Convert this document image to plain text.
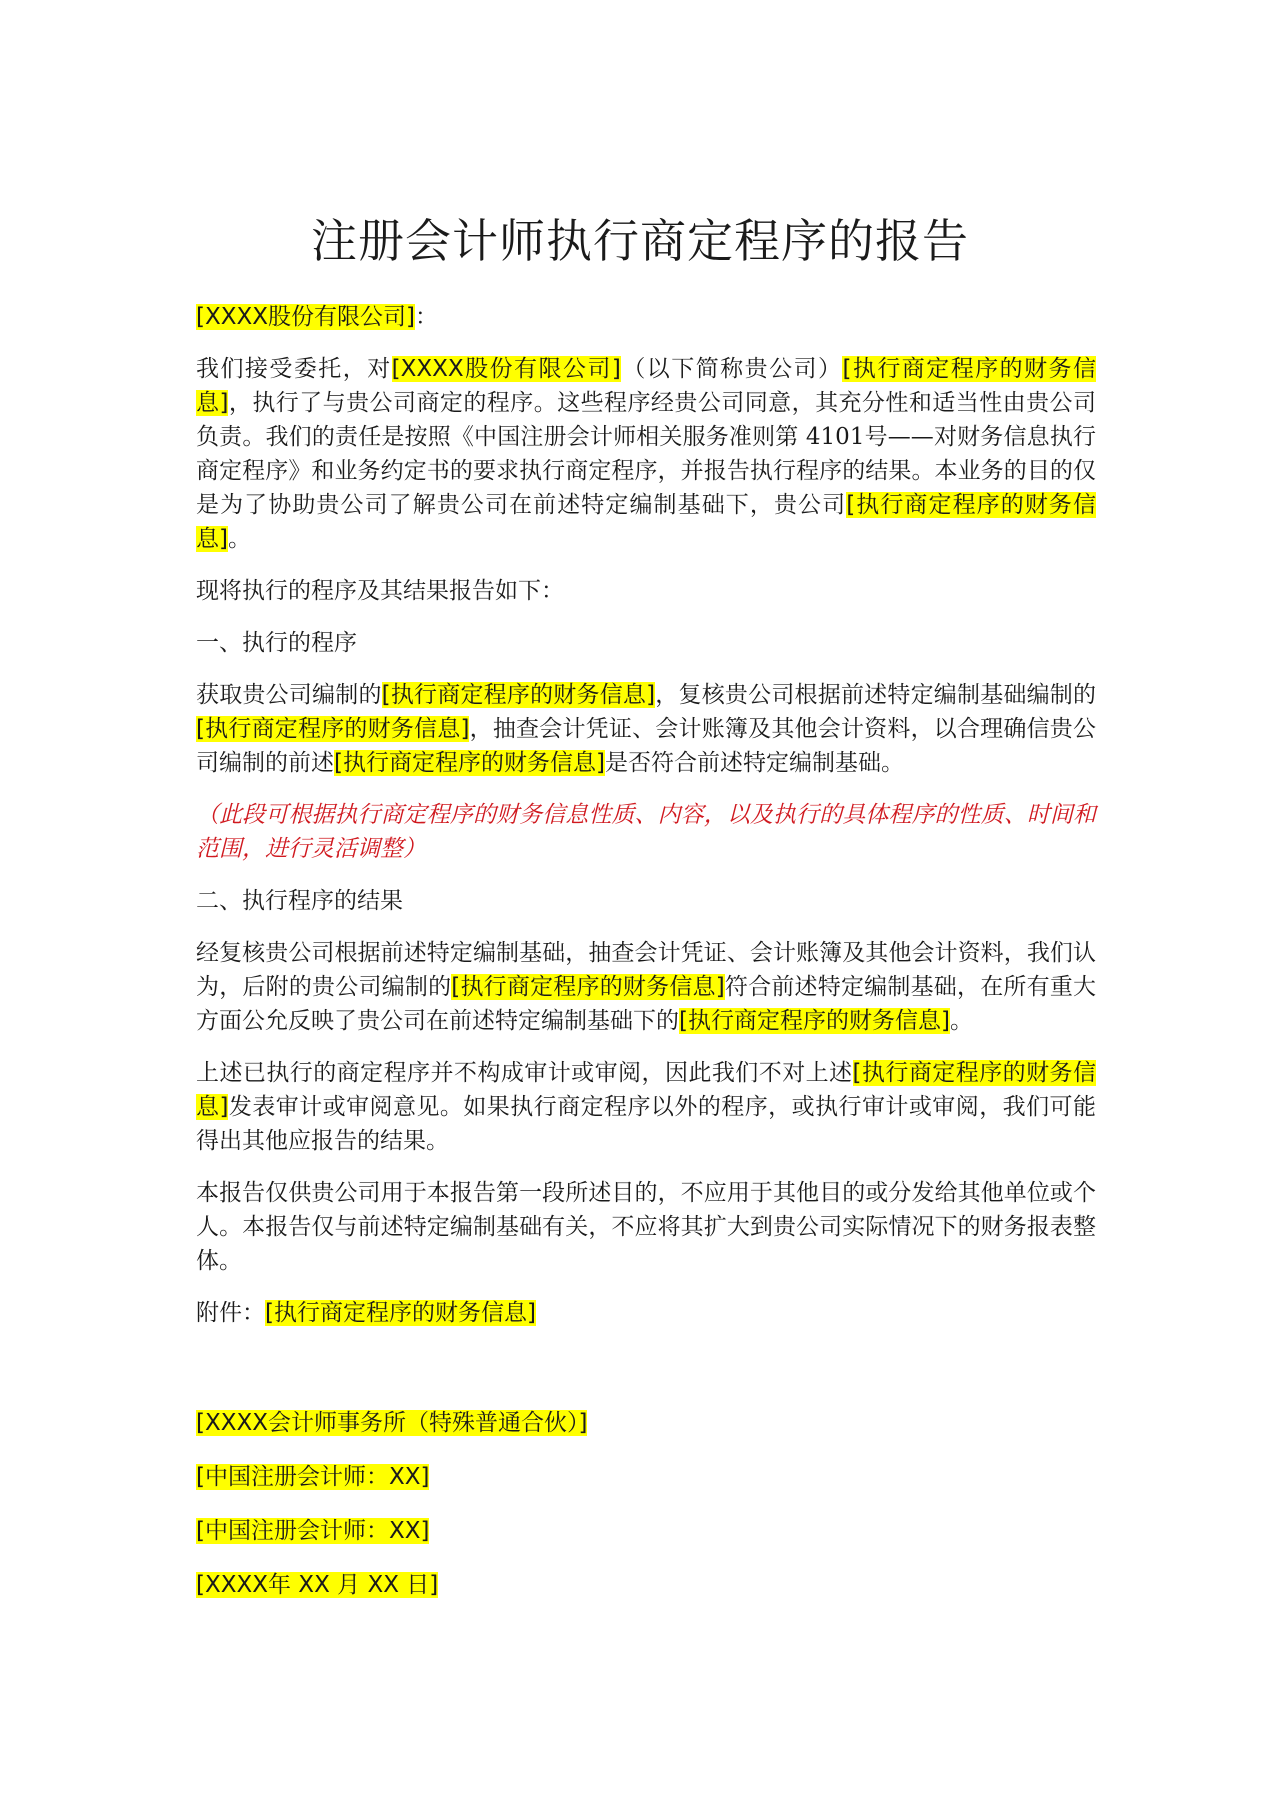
注册会计师执行商定程序的报告

[XXXX股份有限公司]：

我们接受委托，对[XXXX股份有限公司]（以下简称贵公司）[执行商定程序的财务信息]，执行了与贵公司商定的程序。这些程序经贵公司同意，其充分性和适当性由贵公司负责。我们的责任是按照《中国注册会计师相关服务准则第 4101号——对财务信息执行商定程序》和业务约定书的要求执行商定程序，并报告执行程序的结果。本业务的目的仅是为了协助贵公司了解贵公司在前述特定编制基础下，贵公司[执行商定程序的财务信息]。

现将执行的程序及其结果报告如下：

一、执行的程序

获取贵公司编制的[执行商定程序的财务信息]，复核贵公司根据前述特定编制基础编制的[执行商定程序的财务信息]，抽查会计凭证、会计账簿及其他会计资料，以合理确信贵公司编制的前述[执行商定程序的财务信息]是否符合前述特定编制基础。

（此段可根据执行商定程序的财务信息性质、内容，以及执行的具体程序的性质、时间和范围，进行灵活调整）

二、执行程序的结果

经复核贵公司根据前述特定编制基础，抽查会计凭证、会计账簿及其他会计资料，我们认为，后附的贵公司编制的[执行商定程序的财务信息]符合前述特定编制基础，在所有重大方面公允反映了贵公司在前述特定编制基础下的[执行商定程序的财务信息]。

上述已执行的商定程序并不构成审计或审阅，因此我们不对上述[执行商定程序的财务信息]发表审计或审阅意见。如果执行商定程序以外的程序，或执行审计或审阅，我们可能得出其他应报告的结果。

本报告仅供贵公司用于本报告第一段所述目的，不应用于其他目的或分发给其他单位或个人。本报告仅与前述特定编制基础有关，不应将其扩大到贵公司实际情况下的财务报表整体。

附件：[执行商定程序的财务信息]

[XXXX会计师事务所（特殊普通合伙）]

[中国注册会计师：XX]

[中国注册会计师：XX]

[XXXX年 XX 月 XX 日]
